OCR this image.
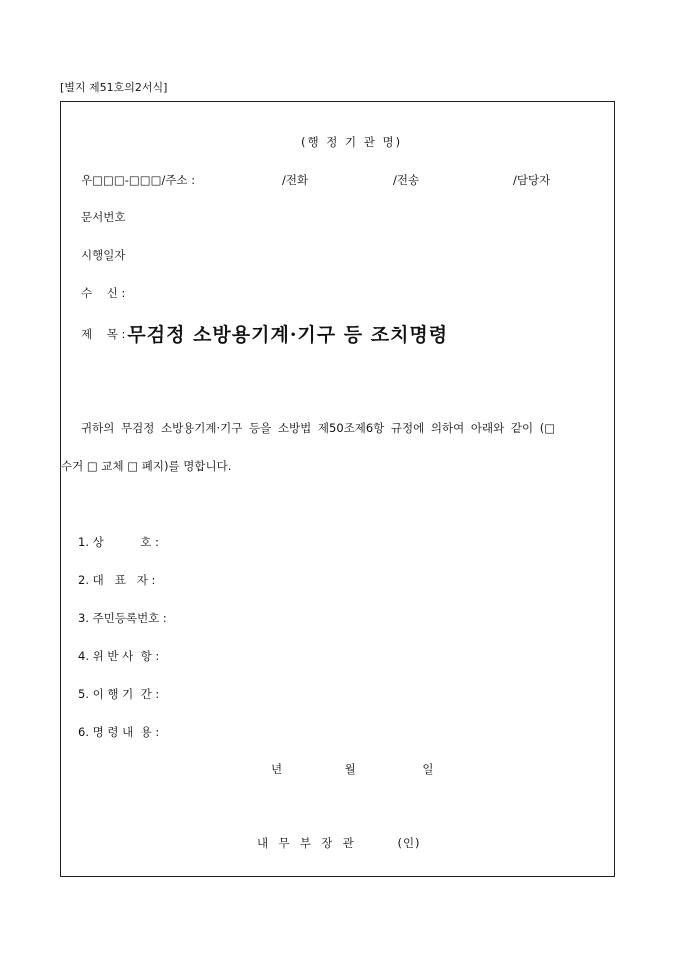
[별지 제51호의2서식]
(행 정 기 관 명)
우□□□-□□□/주소 :	/전화	/전송	/담당자
문서번호
시행일자
수    신 :
제    목 : 무검정 소방용기계·기구 등 조치명령
귀하의 무검정 소방용기계·기구 등을 소방법 제50조제6항 규정에 의하여 아래와 같이 (□
수거 □ 교체 □ 폐지)를 명합니다.
1. 상          호 :
2. 대   표   자 :
3. 주민등록번호 :
4. 위 반 사  항 :
5. 이 행 기  간 :
6. 명 령 내  용 :
년	월	일
내  무  부  장  관	(인)
